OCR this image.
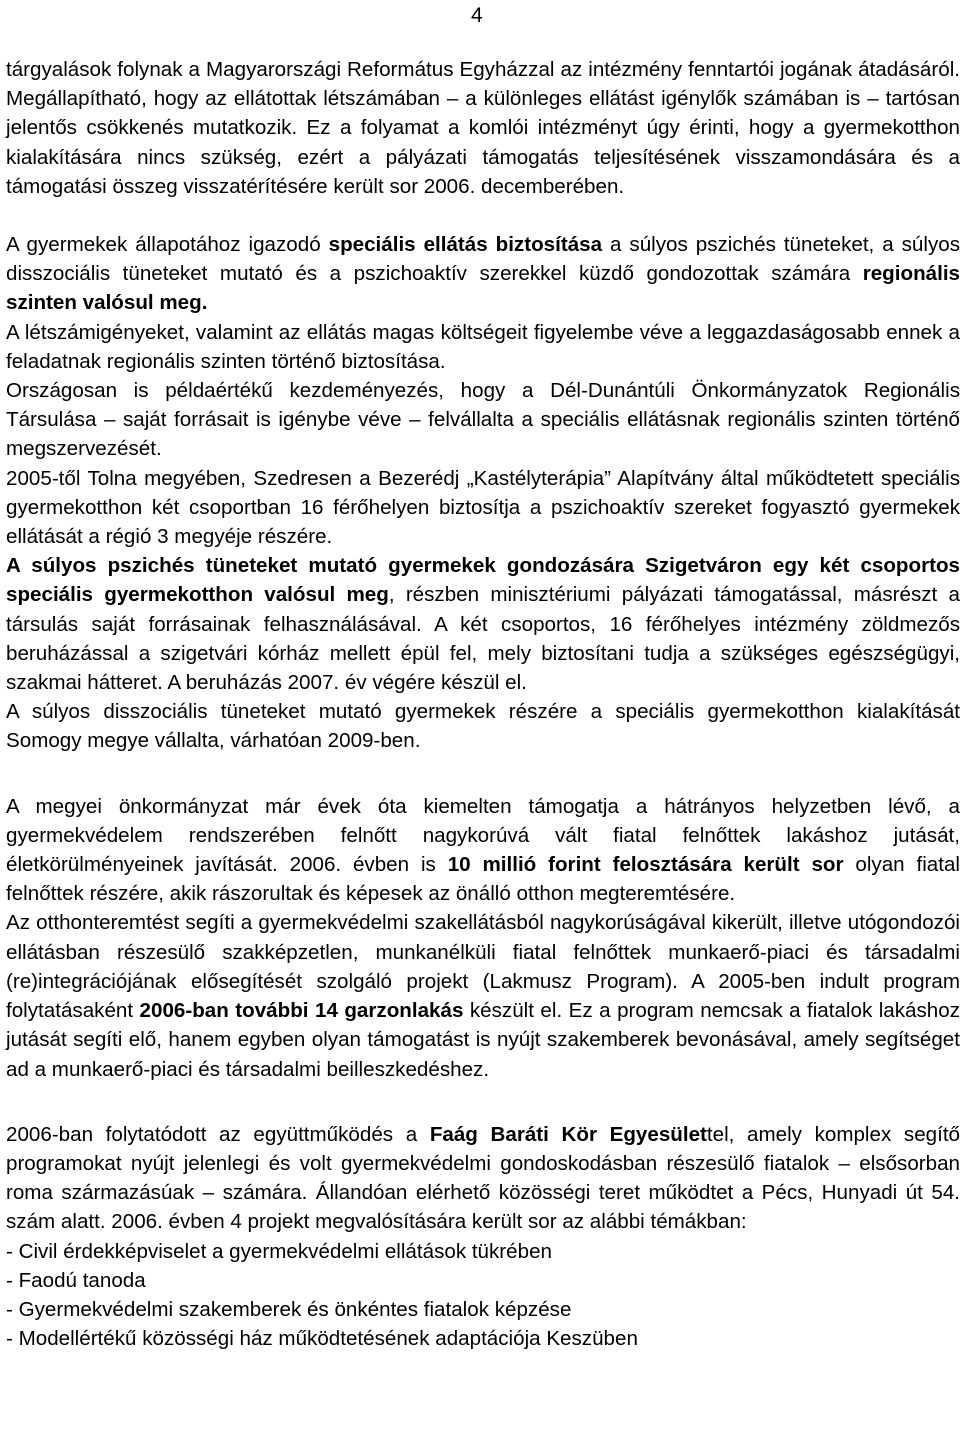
4

tárgyalások folynak a Magyarországi Református Egyházzal az intézmény fenntartói jogának átadásáról. Megállapítható, hogy az ellátottak létszámában – a különleges ellátást igénylők számában is – tartósan jelentős csökkenés mutatkozik. Ez a folyamat a komlói intézményt úgy érinti, hogy a gyermekotthon kialakítására nincs szükség, ezért a pályázati támogatás teljesítésének visszamondására és a támogatási összeg visszatérítésére került sor 2006. decemberében.

A gyermekek állapotához igazodó speciális ellátás biztosítása a súlyos pszichés tüneteket, a súlyos disszociális tüneteket mutató és a pszichoaktív szerekkel küzdő gondozottak számára regionális szinten valósul meg.

A létszámigényeket, valamint az ellátás magas költségeit figyelembe véve a leggazdaságosabb ennek a feladatnak regionális szinten történő biztosítása.

Országosan is példaértékű kezdeményezés, hogy a Dél-Dunántúli Önkormányzatok Regionális Társulása – saját forrásait is igénybe véve – felvállalta a speciális ellátásnak regionális szinten történő megszervezését.

2005-től Tolna megyében, Szedresen a Bezerédj „Kastélyterápia” Alapítvány által működtetett speciális gyermekotthon két csoportban 16 férőhelyen biztosítja a pszichoaktív szereket fogyasztó gyermekek ellátását a régió 3 megyéje részére.

A súlyos pszichés tüneteket mutató gyermekek gondozására Szigetváron egy két csoportos speciális gyermekotthon valósul meg, részben minisztériumi pályázati támogatással, másrészt a társulás saját forrásainak felhasználásával. A két csoportos, 16 férőhelyes intézmény zöldmezős beruházással a szigetvári kórház mellett épül fel, mely biztosítani tudja a szükséges egészségügyi, szakmai hátteret. A beruházás 2007. év végére készül el.

A súlyos disszociális tüneteket mutató gyermekek részére a speciális gyermekotthon kialakítását Somogy megye vállalta, várhatóan 2009-ben.

A megyei önkormányzat már évek óta kiemelten támogatja a hátrányos helyzetben lévő, a gyermekvédelem rendszerében felnőtt nagykorúvá vált fiatal felnőttek lakáshoz jutását, életkörülményeinek javítását. 2006. évben is 10 millió forint felosztására került sor olyan fiatal felnőttek részére, akik rászorultak és képesek az önálló otthon megteremtésére.

Az otthonteremtést segíti a gyermekvédelmi szakellátásból nagykorúságával kikerült, illetve utógondozói ellátásban részesülő szakképzetlen, munkanélküli fiatal felnőttek munkaerő-piaci és társadalmi (re)integrációjának elősegítését szolgáló projekt (Lakmusz Program). A 2005-ben indult program folytatásaként 2006-ban további 14 garzonlakás készült el. Ez a program nemcsak a fiatalok lakáshoz jutását segíti elő, hanem egyben olyan támogatást is nyújt szakemberek bevonásával, amely segítséget ad a munkaerő-piaci és társadalmi beilleszkedéshez.

2006-ban folytatódott az együttműködés a Faág Baráti Kör Egyesülettel, amely komplex segítő programokat nyújt jelenlegi és volt gyermekvédelmi gondoskodásban részesülő fiatalok – elsősorban roma származásúak – számára. Állandóan elérhető közösségi teret működtet a Pécs, Hunyadi út 54. szám alatt. 2006. évben 4 projekt megvalósítására került sor az alábbi témákban:

- Civil érdekképviselet a gyermekvédelmi ellátások tükrében

- Faodú tanoda

- Gyermekvédelmi szakemberek és önkéntes fiatalok képzése

- Modellértékű közösségi ház működtetésének adaptációja Keszüben
